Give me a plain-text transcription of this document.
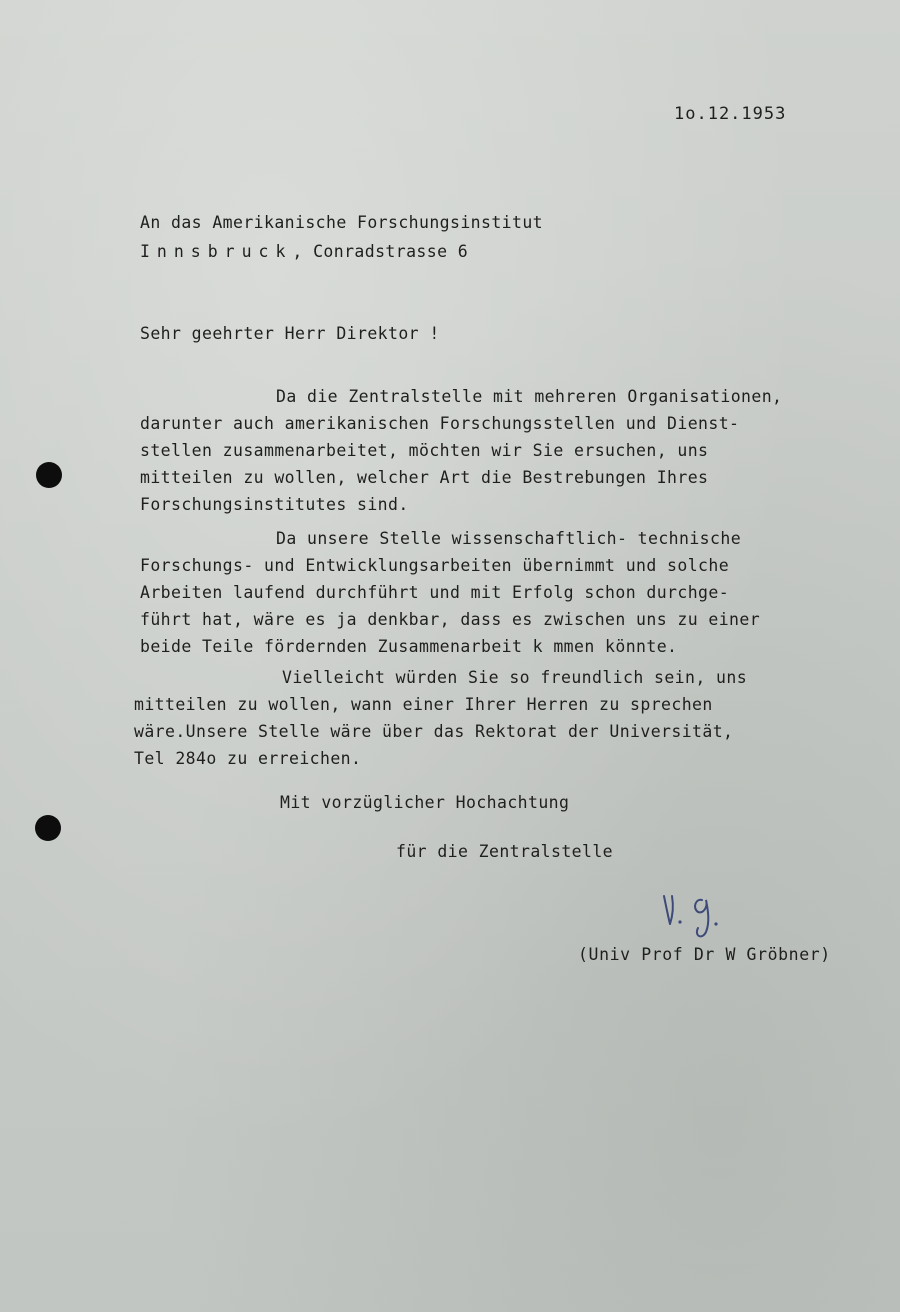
1o.12.1953
An das Amerikanische Forschungsinstitut
Innsbruck, Conradstrasse 6
Sehr geehrter Herr Direktor !
Da die Zentralstelle mit mehreren Organisationen,
darunter auch amerikanischen Forschungsstellen und Dienst-
stellen zusammenarbeitet, möchten wir Sie ersuchen, uns
mitteilen zu wollen, welcher Art die Bestrebungen Ihres
Forschungsinstitutes sind.
Da unsere Stelle wissenschaftlich- technische
Forschungs- und Entwicklungsarbeiten übernimmt und solche
Arbeiten laufend durchführt und mit Erfolg schon durchge-
führt hat, wäre es ja denkbar, dass es zwischen uns zu einer
beide Teile fördernden Zusammenarbeit k mmen könnte.
Vielleicht würden Sie so freundlich sein, uns
mitteilen zu wollen, wann einer Ihrer Herren zu sprechen
wäre.Unsere Stelle wäre über das Rektorat der Universität,
Tel 284o zu erreichen.
Mit vorzüglicher Hochachtung
für die Zentralstelle
(Univ Prof Dr W Gröbner)
